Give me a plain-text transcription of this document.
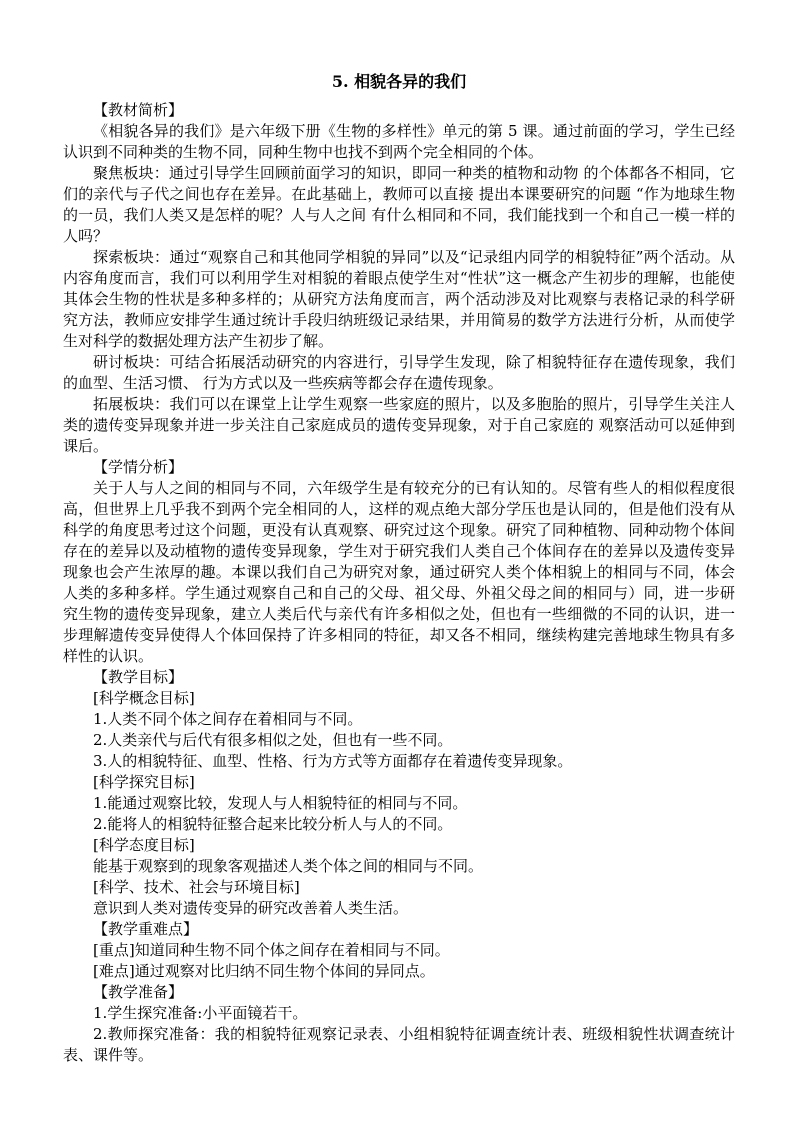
5. 相貌各异的我们
【教材简析】
《相貌各异的我们》是六年级下册《生物的多样性》单元的第 5 课。通过前面的学习，学生已经认识到不同种类的生物不同，同种生物中也找不到两个完全相同的个体。
聚焦板块：通过引导学生回顾前面学习的知识，即同一种类的植物和动物 的个体都各不相同，它们的亲代与子代之间也存在差异。在此基础上，教师可以直接 提出本课要研究的问题 “作为地球生物的一员，我们人类又是怎样的呢？人与人之间 有什么相同和不同，我们能找到一个和自己一模一样的人吗？
探索板块：通过“观察自己和其他同学相貌的异同”以及“记录组内同学的相貌特征”两个活动。从内容角度而言，我们可以利用学生对相貌的着眼点使学生对“性状”这一概念产生初步的理解，也能使其体会生物的性状是多种多样的；从研究方法角度而言，两个活动涉及对比观察与表格记录的科学研究方法，教师应安排学生通过统计手段归纳班级记录结果，并用简易的数学方法进行分析，从而使学生对科学的数据处理方法产生初步了解。
研讨板块：可结合拓展活动研究的内容进行，引导学生发现，除了相貌特征存在遗传现象，我们的血型、生活习惯、 行为方式以及一些疾病等都会存在遗传现象。
拓展板块：我们可以在课堂上让学生观察一些家庭的照片，以及多胞胎的照片，引导学生关注人类的遗传变异现象并进一步关注自己家庭成员的遗传变异现象，对于自己家庭的 观察活动可以延伸到课后。
【学情分析】
关于人与人之间的相同与不同，六年级学生是有较充分的已有认知的。尽管有些人的相似程度很高，但世界上几乎我不到两个完全相同的人，这样的观点绝大部分学压也是认同的，但是他们没有从科学的角度思考过这个问题，更没有认真观察、研究过这个现象。研究了同种植物、同种动物个体间存在的差异以及动植物的遗传变异现象，学生对于研究我们人类自己个体间存在的差异以及遗传变异现象也会产生浓厚的趣。本课以我们自己为研究对象，通过研究人类个体相貌上的相同与不同，体会人类的多种多样。学生通过观察自己和自己的父母、祖父母、外祖父母之间的相同与）同，进一步研究生物的遗传变异现象，建立人类后代与亲代有许多相似之处，但也有一些细微的不同的认识，进一步理解遗传变异使得人个体回保持了许多相同的特征，却又各不相同，继续构建完善地球生物具有多样性的认识。
【教学目标】
[科学概念目标]
1.人类不同个体之间存在着相同与不同。
2.人类亲代与后代有很多相似之处，但也有一些不同。
3.人的相貌特征、血型、性格、行为方式等方面都存在着遗传变异现象。
[科学探究目标]
1.能通过观察比较，发现人与人相貌特征的相同与不同。
2.能将人的相貌特征整合起来比较分析人与人的不同。
[科学态度目标]
能基于观察到的现象客观描述人类个体之间的相同与不同。
[科学、技术、社会与环境目标]
意识到人类对遗传变异的研究改善着人类生活。
【教学重难点】
[重点]知道同种生物不同个体之间存在着相同与不同。
[难点]通过观察对比归纳不同生物个体间的异同点。
【教学准备】
1.学生探究准备:小平面镜若干。
2.教师探究准备：我的相貌特征观察记录表、小组相貌特征调查统计表、班级相貌性状调查统计表、课件等。
